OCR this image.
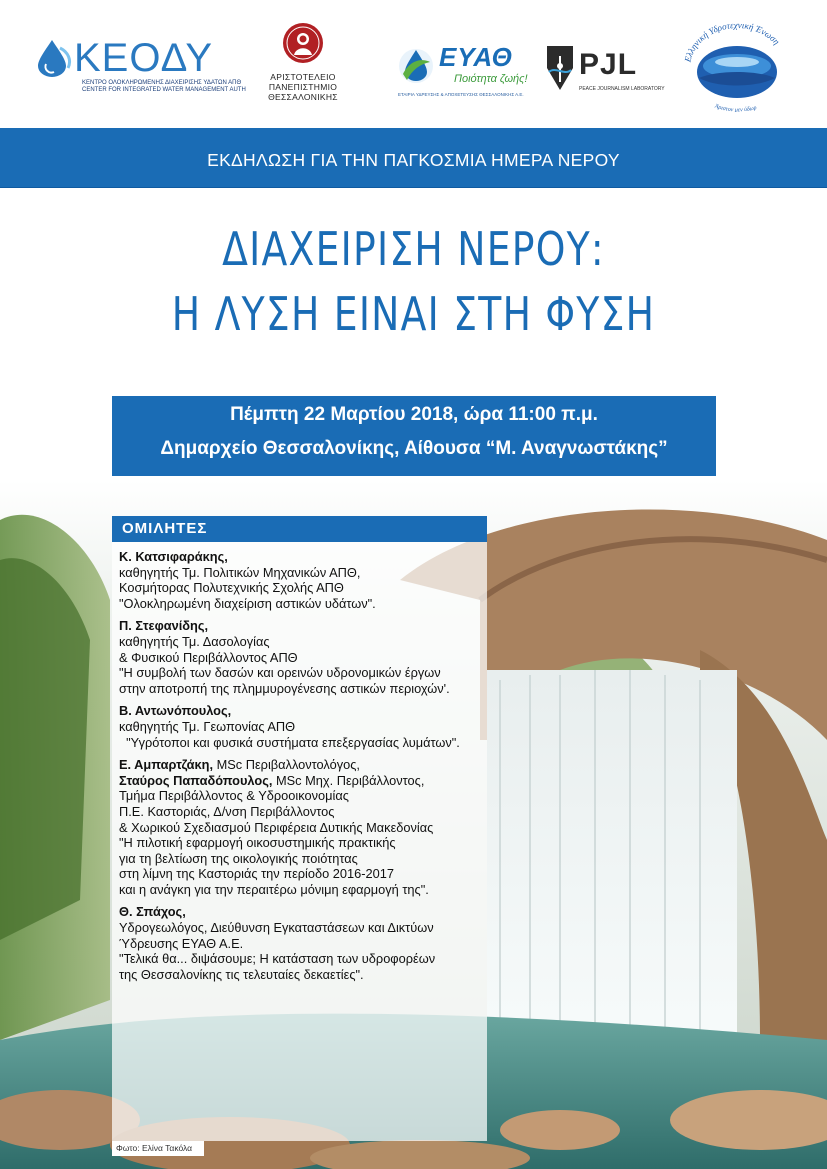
ΚΕΟΔΥ
ΚΕΝΤΡΟ ΟΛΟΚΛΗΡΩΜΕΝΗΣ ΔΙΑΧΕΙΡΙΣΗΣ ΥΔΑΤΩΝ ΑΠΘ
CENTER FOR INTEGRATED WATER MANAGEMENT AUTH
ΑΡΙΣΤΟΤΕΛΕΙΟ
ΠΑΝΕΠΙΣΤΗΜΙΟ
ΘΕΣΣΑΛΟΝΙΚΗΣ
ΕΥΑΘ
Ποιότητα ζωής!
ΕΤΑΙΡΙΑ ΥΔΡΕΥΣΗΣ & ΑΠΟΧΕΤΕΥΣΗΣ ΘΕΣΣΑΛΟΝΙΚΗΣ Α.Ε.
PJL
PEACE JOURNALISM LABORATORY
Ελληνική Υδροτεχνική Ένωση
Άριστον μεν ύδωρ
ΕΚΔΗΛΩΣΗ ΓΙΑ ΤΗΝ ΠΑΓΚΟΣΜΙΑ ΗΜΕΡΑ ΝΕΡΟΥ
ΔΙΑΧΕΙΡΙΣΗ ΝΕΡΟΥ:
Η ΛΥΣΗ ΕΙΝΑΙ ΣΤΗ ΦΥΣΗ
Πέμπτη 22 Μαρτίου 2018, ώρα 11:00 π.μ.
Δημαρχείο Θεσσαλονίκης, Αίθουσα “Μ. Αναγνωστάκης”
ΟΜΙΛΗΤΕΣ
Κ. Κατσιφαράκης,
καθηγητής Τμ. Πολιτικών Μηχανικών ΑΠΘ,
Κοσμήτορας Πολυτεχνικής Σχολής ΑΠΘ
"Ολοκληρωμένη διαχείριση αστικών υδάτων".
Π. Στεφανίδης,
καθηγητής Τμ. Δασολογίας
& Φυσικού Περιβάλλοντος ΑΠΘ
"Η συμβολή των δασών και ορεινών υδρονομικών έργων
στην αποτροπή της πλημμυρογένεσης αστικών περιοχών'.
Β. Αντωνόπουλος,
καθηγητής Τμ. Γεωπονίας ΑΠΘ
"Υγρότοποι και φυσικά συστήματα επεξεργασίας λυμάτων".
Ε. Αμπαρτζάκη, MSc Περιβαλλοντολόγος,
Σταύρος Παπαδόπουλος, MSc Μηχ. Περιβάλλοντος,
Τμήμα Περιβάλλοντος & Υδροοικονομίας
Π.Ε. Καστοριάς, Δ/νση Περιβάλλοντος
& Χωρικού Σχεδιασμού Περιφέρεια Δυτικής Μακεδονίας
"Η πιλοτική εφαρμογή οικοσυστημικής πρακτικής
για τη βελτίωση της οικολογικής ποιότητας
στη λίμνη της Καστοριάς την περίοδο 2016-2017
και η ανάγκη για την περαιτέρω μόνιμη εφαρμογή της".
Θ. Σπάχος,
Υδρογεωλόγος, Διεύθυνση Εγκαταστάσεων και Δικτύων
Ύδρευσης ΕΥΑΘ Α.Ε.
"Τελικά θα... διψάσουμε; Η κατάσταση των υδροφορέων
της Θεσσαλονίκης τις τελευταίες δεκαετίες".
Φωτο: Ελίνα Τακόλα
